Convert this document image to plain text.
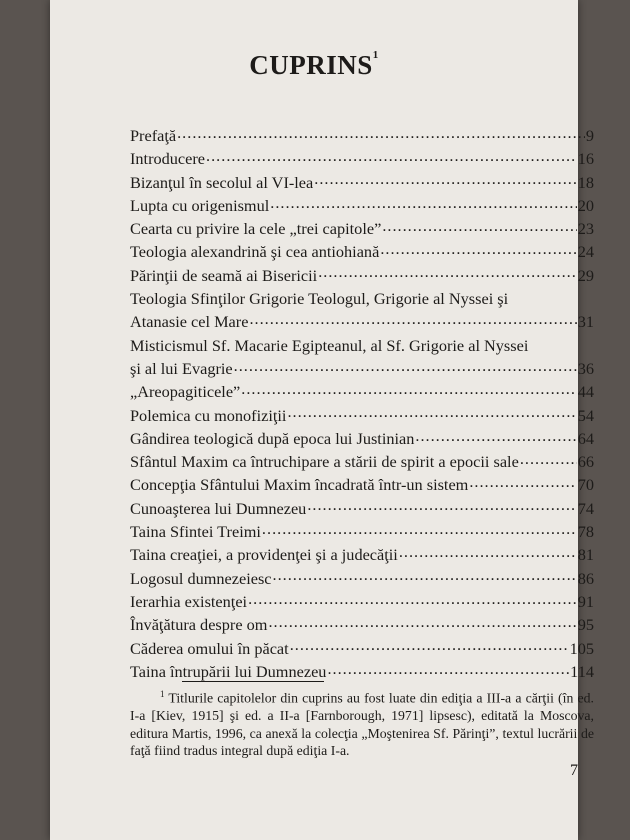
CUPRINS$^1$
Prefaţă .....	9
Introducere .....	16
Bizanţul în secolul al VI-lea .....	18
Lupta cu origenismul .....	20
Cearta cu privire la cele „trei capitole” .....	23
Teologia alexandrină şi cea antiohiană .....	24
Părinţii de seamă ai Bisericii .....	29
Teologia Sfinţilor Grigorie Teologul, Grigorie al Nyssei şi
Atanasie cel Mare .....	31
Misticismul Sf. Macarie Egipteanul, al Sf. Grigorie al Nyssei
şi al lui Evagrie .....	36
„Areopagiticele” .....	44
Polemica cu monofiziţii .....	54
Gândirea teologică după epoca lui Justinian .....	64
Sfântul Maxim ca întruchipare a stării de spirit a epocii sale .....	66
Concepţia Sfântului Maxim încadrată într-un sistem .....	70
Cunoaşterea lui Dumnezeu .....	74
Taina Sfintei Treimi .....	78
Taina creaţiei, a providenţei şi a judecăţii .....	81
Logosul dumnezeiesc .....	86
Ierarhia existenţei .....	91
Învăţătura despre om .....	95
Căderea omului în păcat .....	105
Taina întrupării lui Dumnezeu .....	114
$^1$ Titlurile capitolelor din cuprins au fost luate din ediţia a III-a a cărţii (în ed. I-a [Kiev, 1915] şi ed. a II-a [Farnborough, 1971] lipsesc), editată la Moscova, editura Martis, 1996, ca anexă la colecţia „Moştenirea Sf. Părinţi”, textul lucrării de faţă fiind tradus integral după ediţia I-a.
7
